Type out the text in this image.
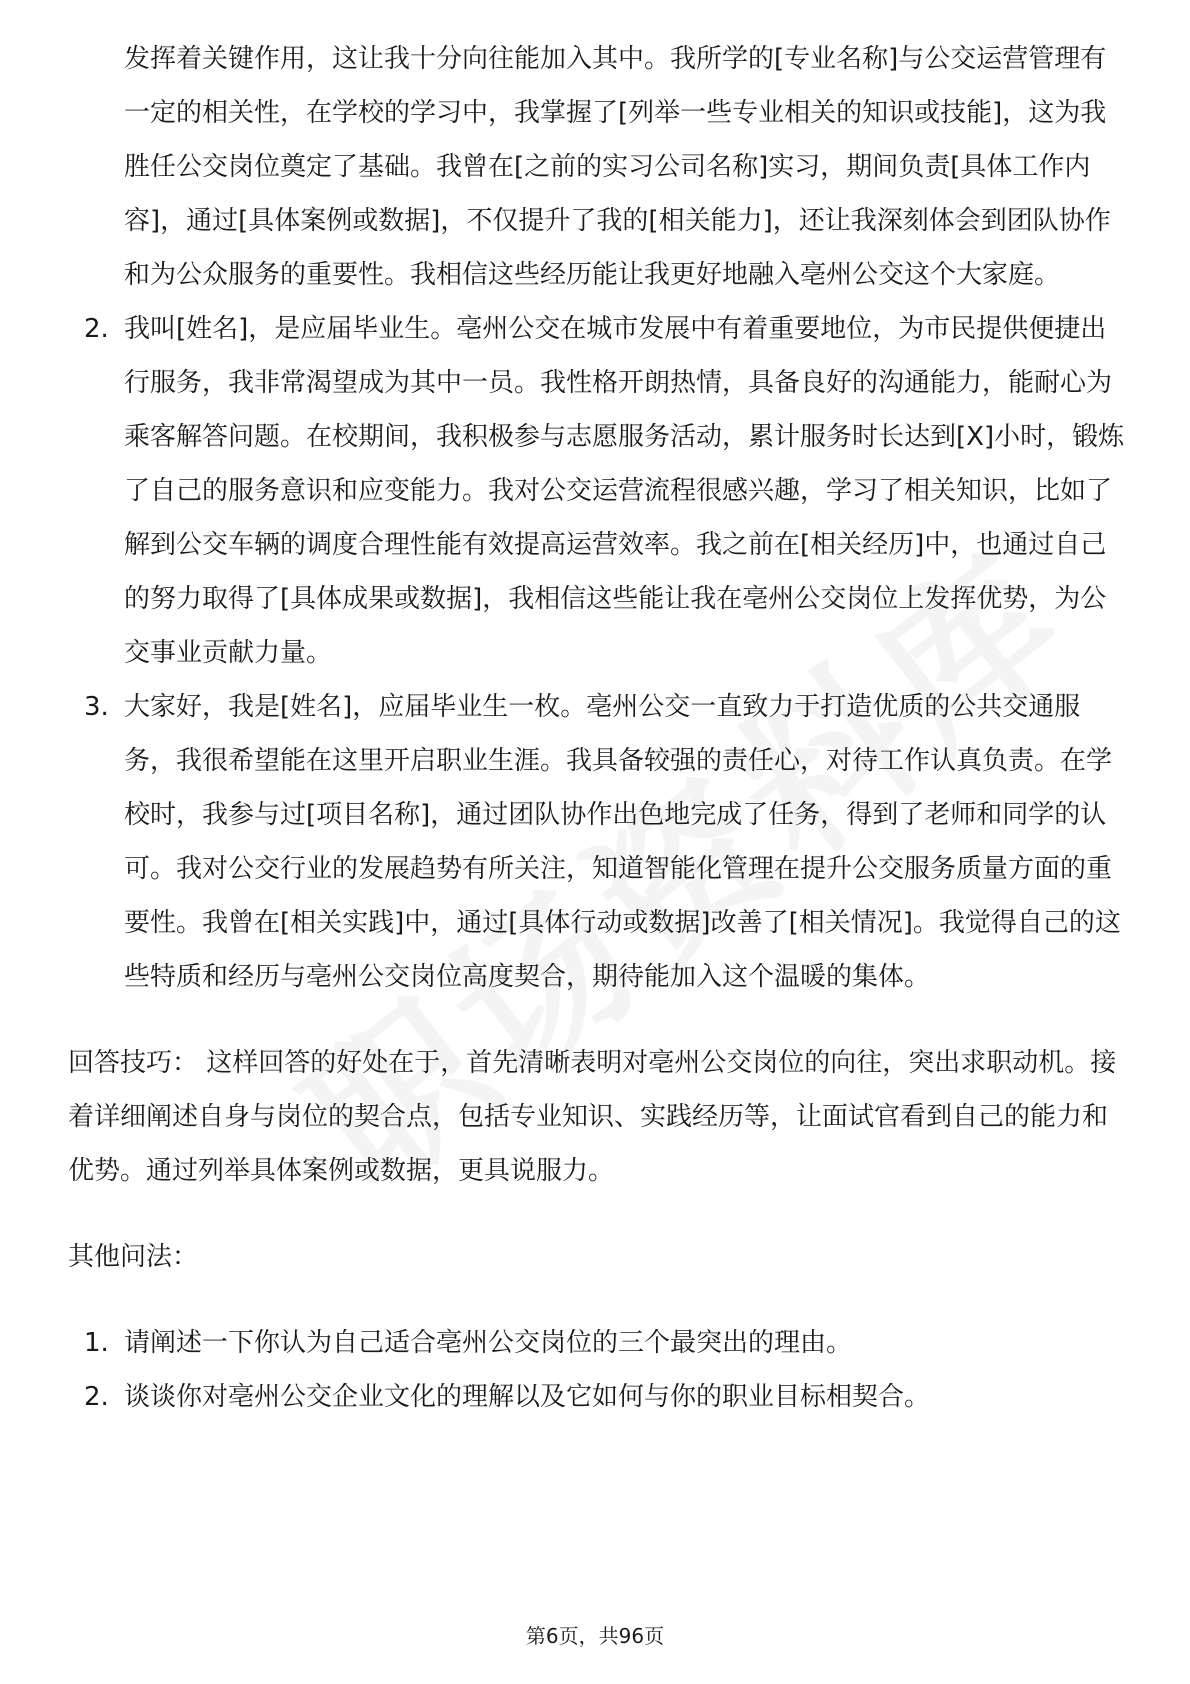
发挥着关键作用，这让我十分向往能加入其中。我所学的[专业名称]与公交运营管理有一定的相关性，在学校的学习中，我掌握了[列举一些专业相关的知识或技能]，这为我胜任公交岗位奠定了基础。我曾在[之前的实习公司名称]实习，期间负责[具体工作内容]，通过[具体案例或数据]，不仅提升了我的[相关能力]，还让我深刻体会到团队协作和为公众服务的重要性。我相信这些经历能让我更好地融入亳州公交这个大家庭。
2. 我叫[姓名]，是应届毕业生。亳州公交在城市发展中有着重要地位，为市民提供便捷出行服务，我非常渴望成为其中一员。我性格开朗热情，具备良好的沟通能力，能耐心为乘客解答问题。在校期间，我积极参与志愿服务活动，累计服务时长达到[X]小时，锻炼了自己的服务意识和应变能力。我对公交运营流程很感兴趣，学习了相关知识，比如了解到公交车辆的调度合理性能有效提高运营效率。我之前在[相关经历]中，也通过自己的努力取得了[具体成果或数据]，我相信这些能让我在亳州公交岗位上发挥优势，为公交事业贡献力量。
3. 大家好，我是[姓名]，应届毕业生一枚。亳州公交一直致力于打造优质的公共交通服务，我很希望能在这里开启职业生涯。我具备较强的责任心，对待工作认真负责。在学校时，我参与过[项目名称]，通过团队协作出色地完成了任务，得到了老师和同学的认可。我对公交行业的发展趋势有所关注，知道智能化管理在提升公交服务质量方面的重要性。我曾在[相关实践]中，通过[具体行动或数据]改善了[相关情况]。我觉得自己的这些特质和经历与亳州公交岗位高度契合，期待能加入这个温暖的集体。
回答技巧： 这样回答的好处在于，首先清晰表明对亳州公交岗位的向往，突出求职动机。接着详细阐述自身与岗位的契合点，包括专业知识、实践经历等，让面试官看到自己的能力和优势。通过列举具体案例或数据，更具说服力。
其他问法：
1. 请阐述一下你认为自己适合亳州公交岗位的三个最突出的理由。
2. 谈谈你对亳州公交企业文化的理解以及它如何与你的职业目标相契合。
第6页，共96页
